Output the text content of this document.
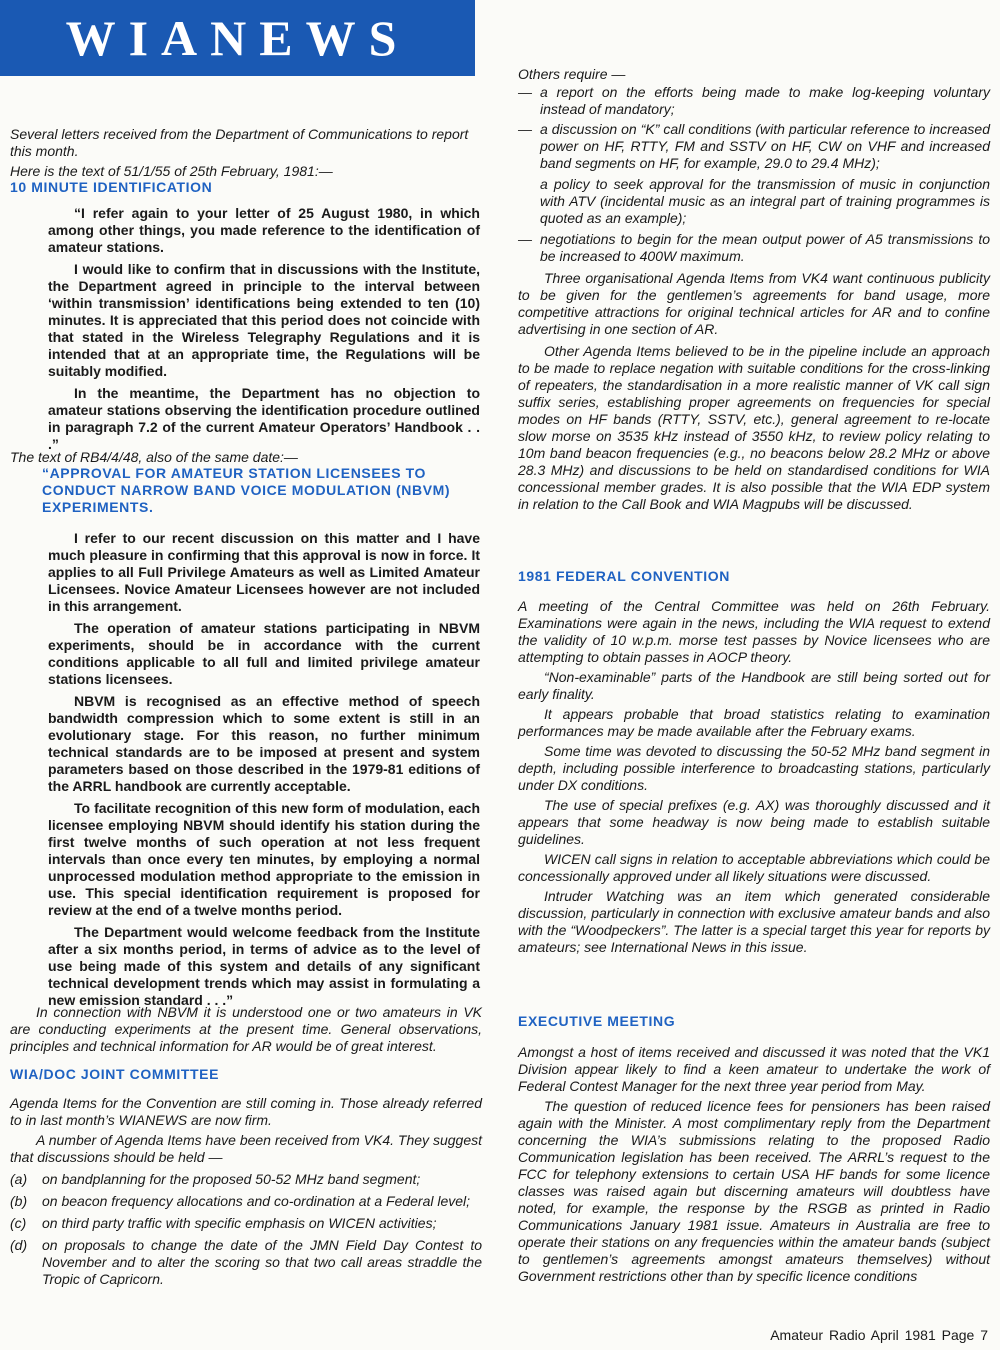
WIANEWS

Several letters received from the Department of Communications to report this month.

Here is the text of 51/1/55 of 25th February, 1981:—

10 MINUTE IDENTIFICATION

“I refer again to your letter of 25 August 1980, in which among other things, you made reference to the identification of amateur stations.

I would like to confirm that in discussions with the Institute, the Department agreed in principle to the interval between ‘within transmission’ identifications being extended to ten (10) minutes. It is appreciated that this period does not coincide with that stated in the Wireless Telegraphy Regulations and it is intended that at an appropriate time, the Regulations will be suitably modified.

In the meantime, the Department has no objection to amateur stations observing the identification procedure outlined in paragraph 7.2 of the current Amateur Operators’ Handbook . . .”

The text of RB4/4/48, also of the same date:—

“APPROVAL FOR AMATEUR STATION LICENSEES TO CONDUCT NARROW BAND VOICE MODULATION (NBVM) EXPERIMENTS.

I refer to our recent discussion on this matter and I have much pleasure in confirming that this approval is now in force. It applies to all Full Privilege Amateurs as well as Limited Amateur Licensees. Novice Amateur Licensees however are not included in this arrangement.

The operation of amateur stations participating in NBVM experiments, should be in accordance with the current conditions applicable to all full and limited privilege amateur stations licensees.

NBVM is recognised as an effective method of speech bandwidth compression which to some extent is still in an evolutionary stage. For this reason, no further minimum technical standards are to be imposed at present and system parameters based on those described in the 1979-81 editions of the ARRL handbook are currently acceptable.

To facilitate recognition of this new form of modulation, each licensee employing NBVM should identify his station during the first twelve months of such operation at not less frequent intervals than once every ten minutes, by employing a normal unprocessed modulation method appropriate to the emission in use. This special identification requirement is proposed for review at the end of a twelve months period.

The Department would welcome feedback from the Institute after a six months period, in terms of advice as to the level of use being made of this system and details of any significant technical development trends which may assist in formulating a new emission standard . . .”

In connection with NBVM it is understood one or two amateurs in VK are conducting experiments at the present time. General observations, principles and technical information for AR would be of great interest.

WIA/DOC JOINT COMMITTEE

Agenda Items for the Convention are still coming in. Those already referred to in last month’s WIANEWS are now firm.

A number of Agenda Items have been received from VK4. They suggest that discussions should be held —

(a) on bandplanning for the proposed 50-52 MHz band segment;
(b) on beacon frequency allocations and co-ordination at a Federal level;
(c) on third party traffic with specific emphasis on WICEN activities;
(d) on proposals to change the date of the JMN Field Day Contest to November and to alter the scoring so that two call areas straddle the Tropic of Capricorn.

Others require —

— a report on the efforts being made to make log-keeping voluntary instead of mandatory;
— a discussion on “K” call conditions (with particular reference to increased power on HF, RTTY, FM and SSTV on HF, CW on VHF and increased band segments on HF, for example, 29.0 to 29.4 MHz);
a policy to seek approval for the transmission of music in conjunction with ATV (incidental music as an integral part of training programmes is quoted as an example);
— negotiations to begin for the mean output power of A5 transmissions to be increased to 400W maximum.

Three organisational Agenda Items from VK4 want continuous publicity to be given for the gentlemen’s agreements for band usage, more competitive attractions for original technical articles for AR and to confine advertising in one section of AR.

Other Agenda Items believed to be in the pipeline include an approach to be made to replace negation with suitable conditions for the cross-linking of repeaters, the standardisation in a more realistic manner of VK call sign suffix series, establishing proper agreements on frequencies for special modes on HF bands (RTTY, SSTV, etc.), general agreement to re-locate slow morse on 3535 kHz instead of 3550 kHz, to review policy relating to 10m band beacon frequencies (e.g., no beacons below 28.2 MHz or above 28.3 MHz) and discussions to be held on standardised conditions for WIA concessional member grades. It is also possible that the WIA EDP system in relation to the Call Book and WIA Magpubs will be discussed.

1981 FEDERAL CONVENTION

A meeting of the Central Committee was held on 26th February. Examinations were again in the news, including the WIA request to extend the validity of 10 w.p.m. morse test passes by Novice licensees who are attempting to obtain passes in AOCP theory.

“Non-examinable” parts of the Handbook are still being sorted out for early finality.

It appears probable that broad statistics relating to examination performances may be made available after the February exams.

Some time was devoted to discussing the 50-52 MHz band segment in depth, including possible interference to broadcasting stations, particularly under DX conditions.

The use of special prefixes (e.g. AX) was thoroughly discussed and it appears that some headway is now being made to establish suitable guidelines.

WICEN call signs in relation to acceptable abbreviations which could be concessionally approved under all likely situations were discussed.

Intruder Watching was an item which generated considerable discussion, particularly in connection with exclusive amateur bands and also with the “Woodpeckers”. The latter is a special target this year for reports by amateurs; see International News in this issue.

EXECUTIVE MEETING

Amongst a host of items received and discussed it was noted that the VK1 Division appear likely to find a keen amateur to undertake the work of Federal Contest Manager for the next three year period from May.

The question of reduced licence fees for pensioners has been raised again with the Minister. A most complimentary reply from the Department concerning the WIA’s submissions relating to the proposed Radio Communication legislation has been received. The ARRL’s request to the FCC for telephony extensions to certain USA HF bands for some licence classes was raised again but discerning amateurs will doubtless have noted, for example, the response by the RSGB as printed in Radio Communications January 1981 issue. Amateurs in Australia are free to operate their stations on any frequencies within the amateur bands (subject to gentlemen’s agreements amongst amateurs themselves) without Government restrictions other than by specific licence conditions

Amateur Radio April 1981 Page 7
